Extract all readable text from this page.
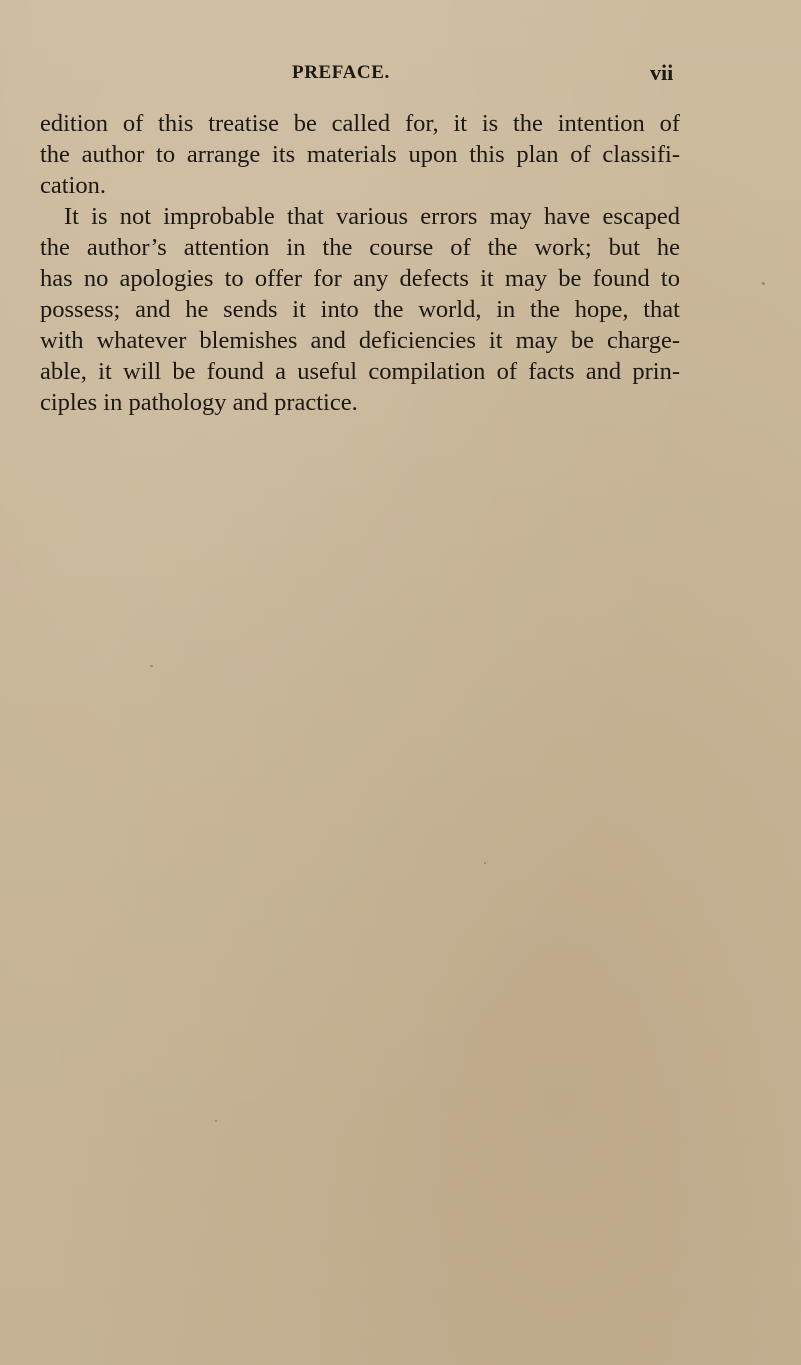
PREFACE.	vii
edition of this treatise be called for, it is the intention of
the author to arrange its materials upon this plan of classifi-
cation.
It is not improbable that various errors may have escaped
the author’s attention in the course of the work; but he
has no apologies to offer for any defects it may be found to
possess; and he sends it into the world, in the hope, that
with whatever blemishes and deficiencies it may be charge-
able, it will be found a useful compilation of facts and prin-
ciples in pathology and practice.
